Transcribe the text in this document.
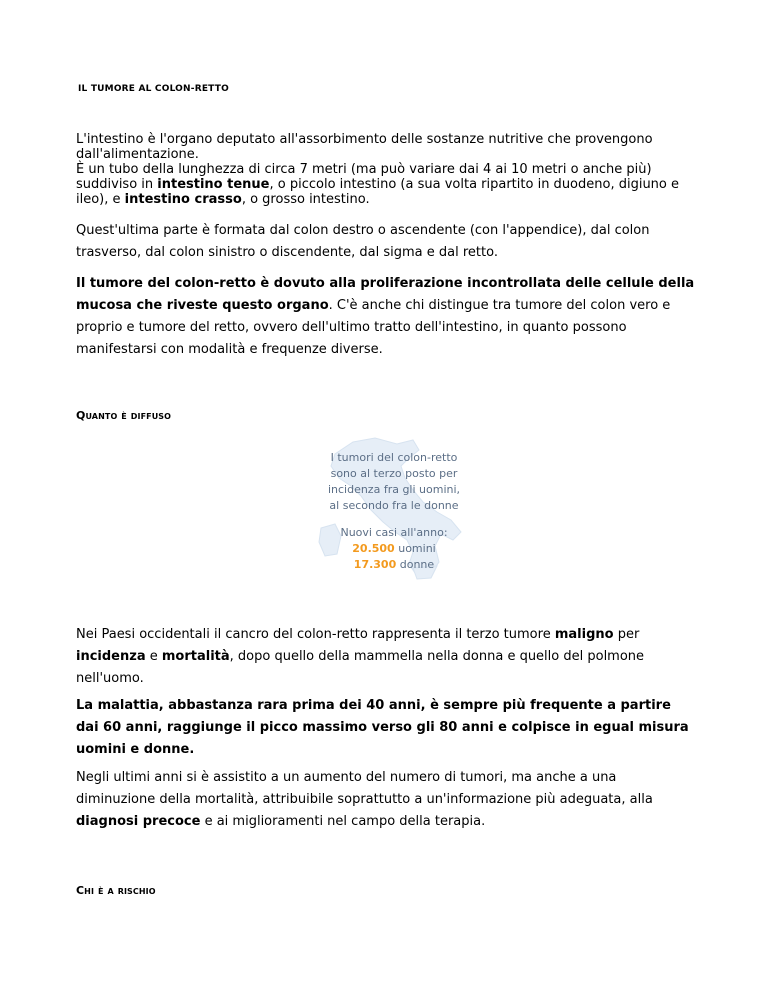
IL TUMORE AL COLON-RETTO

L'intestino è l'organo deputato all'assorbimento delle sostanze nutritive che provengono dall'alimentazione.
È un tubo della lunghezza di circa 7 metri (ma può variare dai 4 ai 10 metri o anche più) suddiviso in intestino tenue, o piccolo intestino (a sua volta ripartito in duodeno, digiuno e ileo), e intestino crasso, o grosso intestino.

Quest'ultima parte è formata dal colon destro o ascendente (con l'appendice), dal colon trasverso, dal colon sinistro o discendente, dal sigma e dal retto.

Il tumore del colon-retto è dovuto alla proliferazione incontrollata delle cellule della mucosa che riveste questo organo. C'è anche chi distingue tra tumore del colon vero e proprio e tumore del retto, ovvero dell'ultimo tratto dell'intestino, in quanto possono manifestarsi con modalità e frequenze diverse.

Quanto è diffuso

Nei Paesi occidentali il cancro del colon-retto rappresenta il terzo tumore maligno per incidenza e mortalità, dopo quello della mammella nella donna e quello del polmone nell'uomo.

La malattia, abbastanza rara prima dei 40 anni, è sempre più frequente a partire dai 60 anni, raggiunge il picco massimo verso gli 80 anni e colpisce in egual misura uomini e donne.

Negli ultimi anni si è assistito a un aumento del numero di tumori, ma anche a una diminuzione della mortalità, attribuibile soprattutto a un'informazione più adeguata, alla diagnosi precoce e ai miglioramenti nel campo della terapia.

Chi è a rischio

I tumori del colon-retto
sono al terzo posto per
incidenza fra gli uomini,
al secondo fra le donne
Nuovi casi all'anno:
20.500 uomini
17.300 donne
